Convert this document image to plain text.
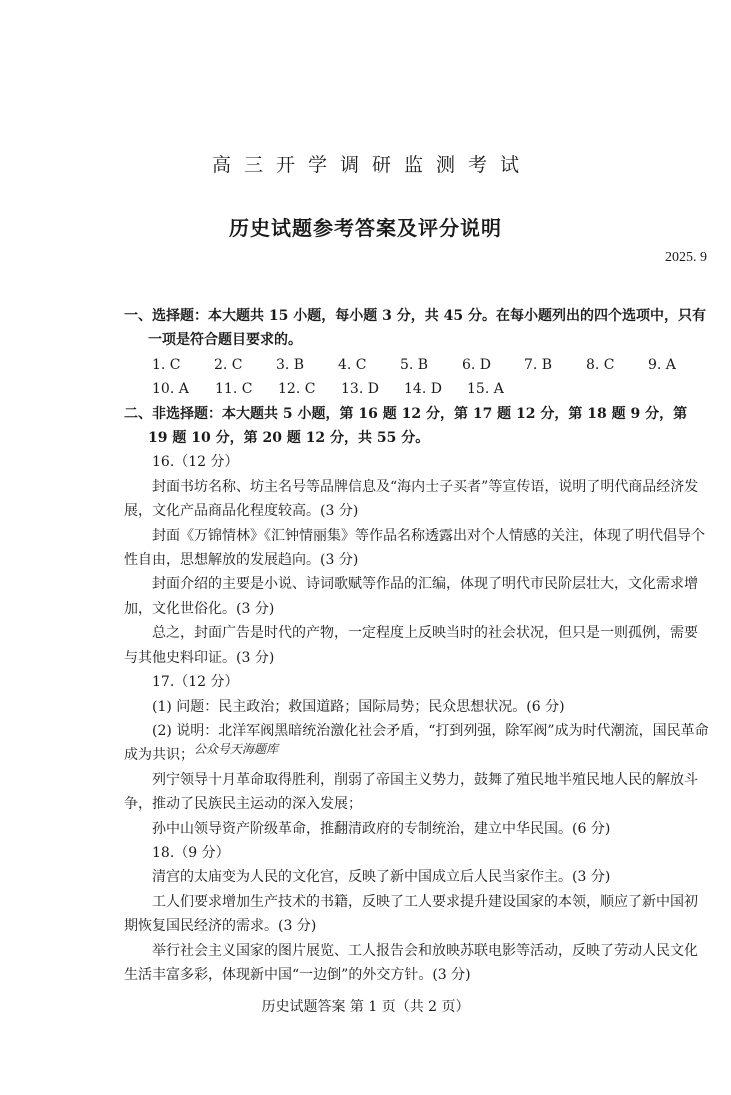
高三开学调研监测考试
历史试题参考答案及评分说明
2025. 9
一、选择题：本大题共 15 小题，每小题 3 分，共 45 分。在每小题列出的四个选项中，只有一项是符合题目要求的。
1. C	2. C	3. B	4. C	5. B	6. D	7. B	8. C	9. A
10. A	11. C	12. C	13. D	14. D	15. A
二、非选择题：本大题共 5 小题，第 16 题 12 分，第 17 题 12 分，第 18 题 9 分，第 19 题 10 分，第 20 题 12 分，共 55 分。
16.（12 分）
封面书坊名称、坊主名号等品牌信息及“海内士子买者”等宣传语，说明了明代商品经济发展，文化产品商品化程度较高。(3 分)
封面《万锦情林》《汇钟情丽集》等作品名称透露出对个人情感的关注，体现了明代倡导个性自由，思想解放的发展趋向。(3 分)
封面介绍的主要是小说、诗词歌赋等作品的汇编，体现了明代市民阶层壮大，文化需求增加，文化世俗化。(3 分)
总之，封面广告是时代的产物，一定程度上反映当时的社会状况，但只是一则孤例，需要与其他史料印证。(3 分)
17.（12 分）
(1) 问题：民主政治；救国道路；国际局势；民众思想状况。(6 分)
(2) 说明：北洋军阀黑暗统治激化社会矛盾，“打到列强，除军阀”成为时代潮流，国民革命成为共识；公众号天海题库
列宁领导十月革命取得胜利，削弱了帝国主义势力，鼓舞了殖民地半殖民地人民的解放斗争，推动了民族民主运动的深入发展；
孙中山领导资产阶级革命，推翻清政府的专制统治，建立中华民国。(6 分)
18.（9 分）
清宫的太庙变为人民的文化宫，反映了新中国成立后人民当家作主。(3 分)
工人们要求增加生产技术的书籍，反映了工人要求提升建设国家的本领，顺应了新中国初期恢复国民经济的需求。(3 分)
举行社会主义国家的图片展览、工人报告会和放映苏联电影等活动，反映了劳动人民文化生活丰富多彩，体现新中国“一边倒”的外交方针。(3 分)
历史试题答案 第 1 页（共 2 页）
